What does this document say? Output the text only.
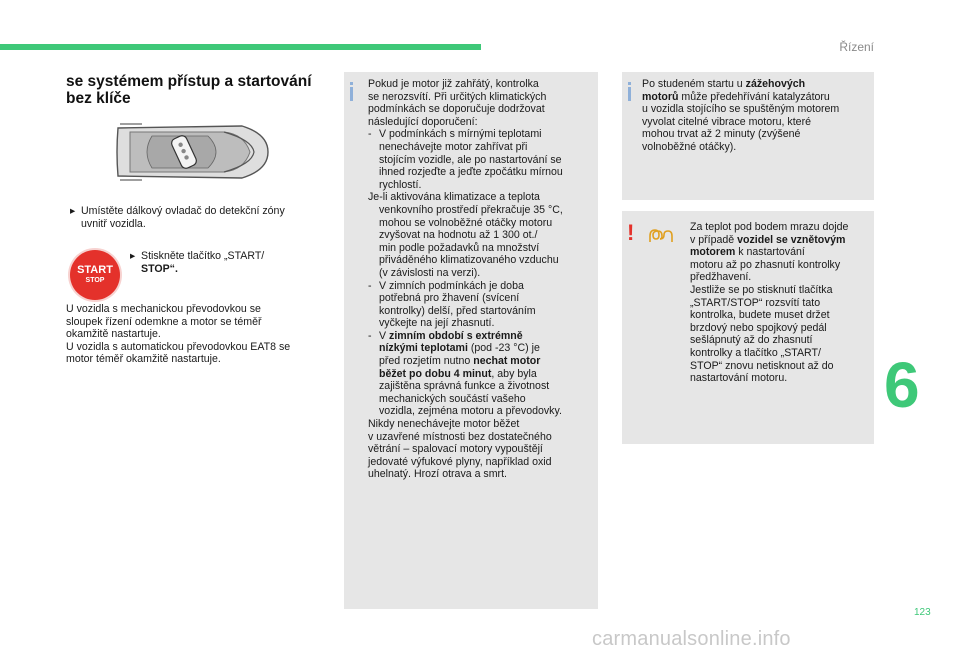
Řízení
se systémem přístup a startování
bez klíče
▸ Umístěte dálkový ovladač do detekční zóny
uvnitř vozidla.
START
STOP
▸ Stiskněte tlačítko „START/
STOP“.
U vozidla s mechanickou převodovkou se
sloupek řízení odemkne a motor se téměř
okamžitě nastartuje.
U vozidla s automatickou převodovkou EAT8 se
motor téměř okamžitě nastartuje.
Pokud je motor již zahřátý, kontrolka
se nerozsvítí. Při určitých klimatických
podmínkách se doporučuje dodržovat
následující doporučení:
- V podmínkách s mírnými teplotami
nenechávejte motor zahřívat při
stojícím vozidle, ale po nastartování se
ihned rozjeďte a jeďte zpočátku mírnou
rychlostí.
Je-li aktivována klimatizace a teplota
venkovního prostředí překračuje 35 °C,
mohou se volnoběžné otáčky motoru
zvyšovat na hodnotu až 1 300 ot./
min podle požadavků na množství
přiváděného klimatizovaného vzduchu
(v závislosti na verzi).
- V zimních podmínkách je doba
potřebná pro žhavení (svícení
kontrolky) delší, před startováním
vyčkejte na její zhasnutí.
- V zimním období s extrémně
nízkými teplotami (pod -23 °C) je
před rozjetím nutno nechat motor
běžet po dobu 4 minut, aby byla
zajištěna správná funkce a životnost
mechanických součástí vašeho
vozidla, zejména motoru a převodovky.
Nikdy nenechávejte motor běžet
v uzavřené místnosti bez dostatečného
větrání – spalovací motory vypouštějí
jedovaté výfukové plyny, například oxid
uhelnatý. Hrozí otrava a smrt.
Po studeném startu u zážehových
motorů může předehřívání katalyzátoru
u vozidla stojícího se spuštěným motorem
vyvolat citelné vibrace motoru, které
mohou trvat až 2 minuty (zvýšené
volnoběžné otáčky).
!	Za teplot pod bodem mrazu dojde
v případě vozidel se vznětovým
motorem k nastartování
motoru až po zhasnutí kontrolky
předžhavení.
Jestliže se po stisknutí tlačítka
„START/STOP“ rozsvítí tato
kontrolka, budete muset držet
brzdový nebo spojkový pedál
sešlápnutý až do zhasnutí
kontrolky a tlačítko „START/
STOP“ znovu netisknout až do
nastartování motoru.	6
123
carmanualsonline.info
